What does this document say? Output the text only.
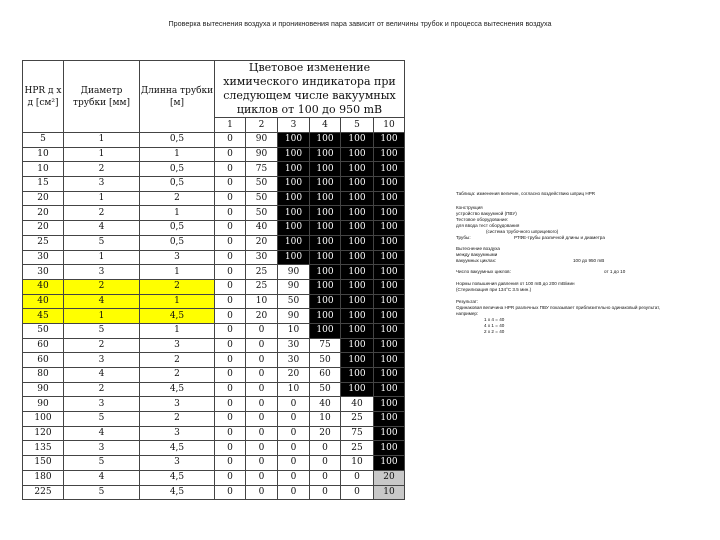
Проверка вытеснения воздуха и проникновения пара зависит от величины трубок и процесса вытеснения воздуха
HPR д х д [см²]	Диаметр трубки [мм]	Длинна трубки [м]	Цветовое изменение химического индикатора при следующем числе вакуумных циклов от 100 до 950 mB					
			1	2	3	4	5	10
5	1	0,5	0	90	100	100	100	100
10	1	1	0	90	100	100	100	100
10	2	0,5	0	75	100	100	100	100
15	3	0,5	0	50	100	100	100	100
20	1	2	0	50	100	100	100	100
20	2	1	0	50	100	100	100	100
20	4	0,5	0	40	100	100	100	100
25	5	0,5	0	20	100	100	100	100
30	1	3	0	30	100	100	100	100
30	3	1	0	25	90	100	100	100
40	2	2	0	25	90	100	100	100
40	4	1	0	10	50	100	100	100
45	1	4,5	0	20	90	100	100	100
50	5	1	0	0	10	100	100	100
60	2	3	0	0	30	75	100	100
60	3	2	0	0	30	50	100	100
80	4	2	0	0	20	60	100	100
90	2	4,5	0	0	10	50	100	100
90	3	3	0	0	0	40	40	100
100	5	2	0	0	0	10	25	100
120	4	3	0	0	0	20	75	100
135	3	4,5	0	0	0	0	25	100
150	5	3	0	0	0	0	10	100
180	4	4,5	0	0	0	0	0	20
225	5	4,5	0	0	0	0	0	10
Таблица: изменения величин, согласно воздействию шприц HPR
Конструкция
устройство вакуумной (ПВУ)
Тестовое оборудование:
для ввода тест оборудования
(система трубочного шприцевого)
Трубы:	РТФЕ-трубы различной длины и диаметра
Вытеснение воздуха
между вакуумными
вакуумных циклах:	100 до 950 mB
Число вакуумных циклов:	от 1 до 10
Нормы повышения давления от 100 mB до 200 mB/мин
(Стерилизация при 134°C 3.5 мин.)
Результат:
Одинаковая величина HPR различных ПВУ показывает приблизительно одинаковый результат,
например:
1 x 4 = 40
4 x 1 = 40
2 x 2 = 40
